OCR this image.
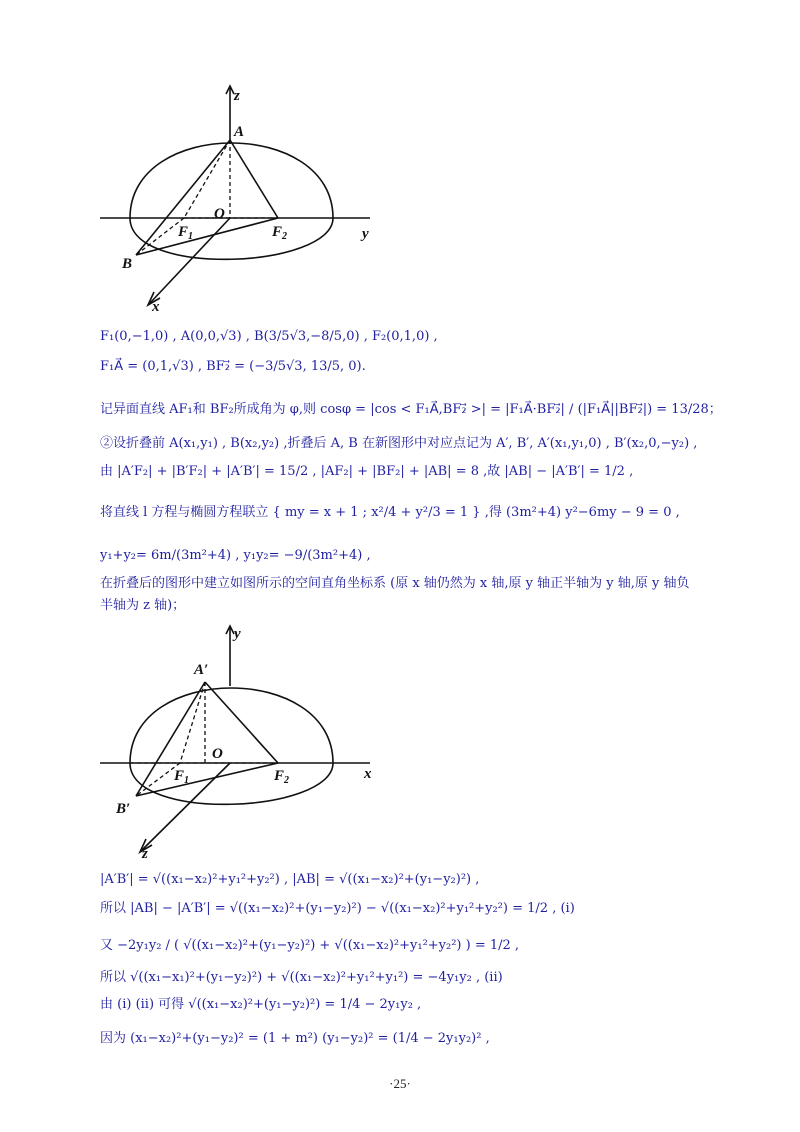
z
y
x
A
O
$F_1$	$F_2$
B
F₁(0,−1,0) , A(0,0,√3) , B(3/5√3,−8/5,0) , F₂(0,1,0) ,
F₁A⃗ = (0,1,√3) , BF₂⃗ = (−3/5√3, 13/5, 0).
记异面直线 AF₁和 BF₂所成角为 φ,则 cosφ = |cos < F₁A⃗,BF₂⃗ >| = |F₁A⃗·BF₂⃗| / (|F₁A⃗||BF₂⃗|) = 13/28；
②设折叠前 A(x₁,y₁) , B(x₂,y₂) ,折叠后 A, B 在新图形中对应点记为 A′, B′, A′(x₁,y₁,0) , B′(x₂,0,−y₂) ,
由 |A′F₂| + |B′F₂| + |A′B′| = 15/2 , |AF₂| + |BF₂| + |AB| = 8 ,故 |AB| − |A′B′| = 1/2 ,
将直线 l 方程与椭圆方程联立 { my = x + 1 ; x²/4 + y²/3 = 1 } ,得 (3m²+4) y²−6my − 9 = 0 ,
y₁+y₂= 6m/(3m²+4) , y₁y₂= −9/(3m²+4) ,
在折叠后的图形中建立如图所示的空间直角坐标系 (原 x 轴仍然为 x 轴,原 y 轴正半轴为 y 轴,原 y 轴负
半轴为 z 轴)；
y
x
z
A′
O
$F_1$	$F_2$
B′
|A′B′| = √((x₁−x₂)²+y₁²+y₂²) , |AB| = √((x₁−x₂)²+(y₁−y₂)²) ,
所以 |AB| − |A′B′| = √((x₁−x₂)²+(y₁−y₂)²) − √((x₁−x₂)²+y₁²+y₂²) = 1/2 , (i)
又 −2y₁y₂ / ( √((x₁−x₂)²+(y₁−y₂)²) + √((x₁−x₂)²+y₁²+y₂²) ) = 1/2 ,
所以 √((x₁−x₁)²+(y₁−y₂)²) + √((x₁−x₂)²+y₁²+y₁²) = −4y₁y₂ , (ii)
由 (i) (ii) 可得 √((x₁−x₂)²+(y₁−y₂)²) = 1/4 − 2y₁y₂ ,
因为 (x₁−x₂)²+(y₁−y₂)² = (1 + m²) (y₁−y₂)² = (1/4 − 2y₁y₂)² ,
·25·
